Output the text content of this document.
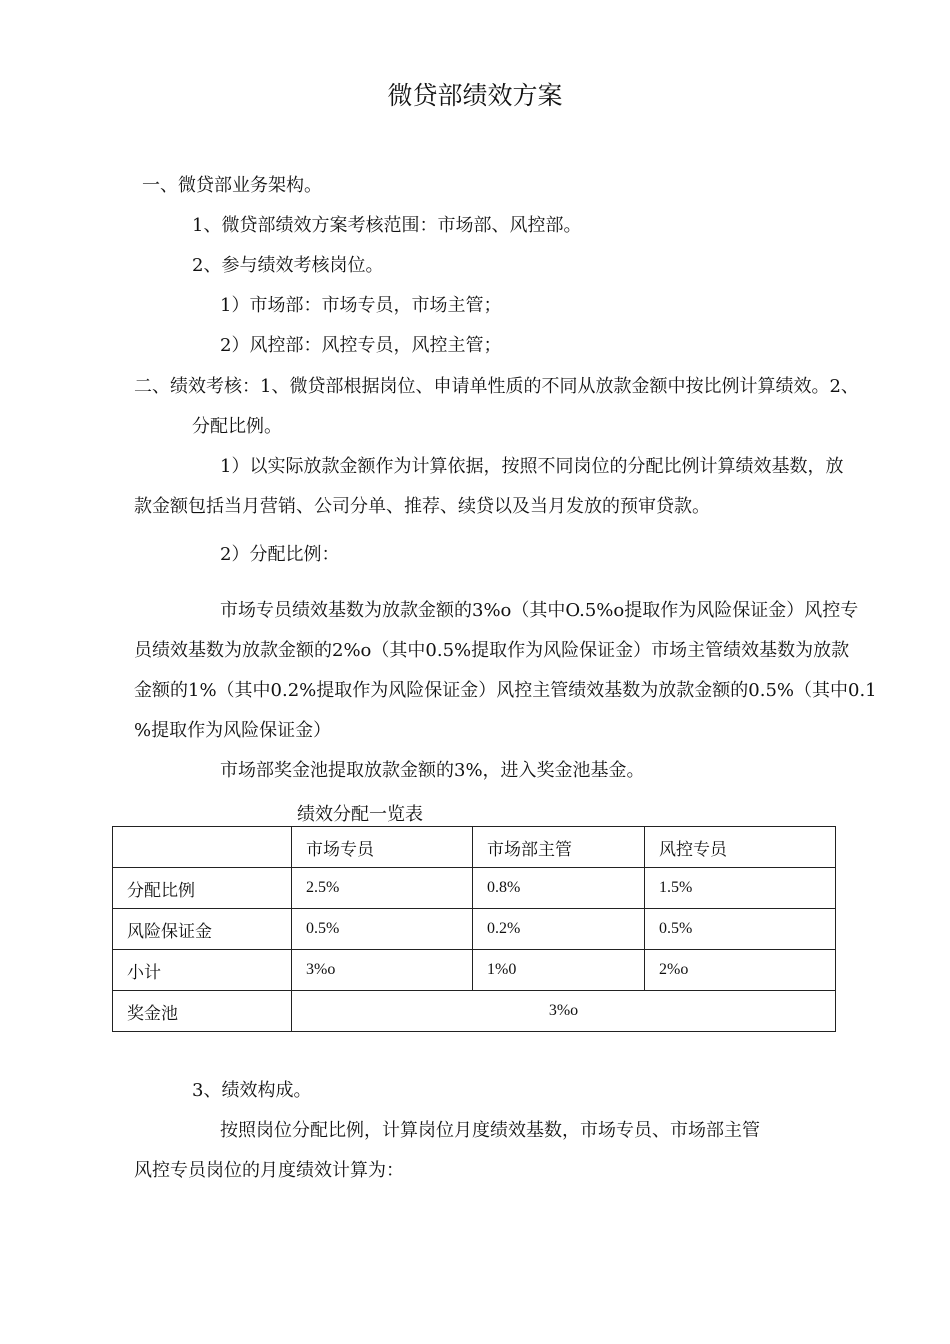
微贷部绩效方案
一、微贷部业务架构。
1、微贷部绩效方案考核范围：市场部、风控部。
2、参与绩效考核岗位。
1）市场部：市场专员，市场主管；
2）风控部：风控专员，风控主管；
二、绩效考核：1、微贷部根据岗位、申请单性质的不同从放款金额中按比例计算绩效。2、
分配比例。
1）以实际放款金额作为计算依据，按照不同岗位的分配比例计算绩效基数，放
款金额包括当月营销、公司分单、推荐、续贷以及当月发放的预审贷款。
2）分配比例：
市场专员绩效基数为放款金额的3%o（其中O.5%o提取作为风险保证金）风控专
员绩效基数为放款金额的2%o（其中0.5%提取作为风险保证金）市场主管绩效基数为放款
金额的1%（其中0.2%提取作为风险保证金）风控主管绩效基数为放款金额的0.5%（其中0.1
%提取作为风险保证金）
市场部奖金池提取放款金额的3%，进入奖金池基金。
绩效分配一览表
	市场专员	市场部主管	风控专员
分配比例	2.5%	0.8%	1.5%
风险保证金	0.5%	0.2%	0.5%
小计	3%o	1%0	2%o
奖金池	3%o		
3、绩效构成。
按照岗位分配比例，计算岗位月度绩效基数，市场专员、市场部主管
风控专员岗位的月度绩效计算为：
